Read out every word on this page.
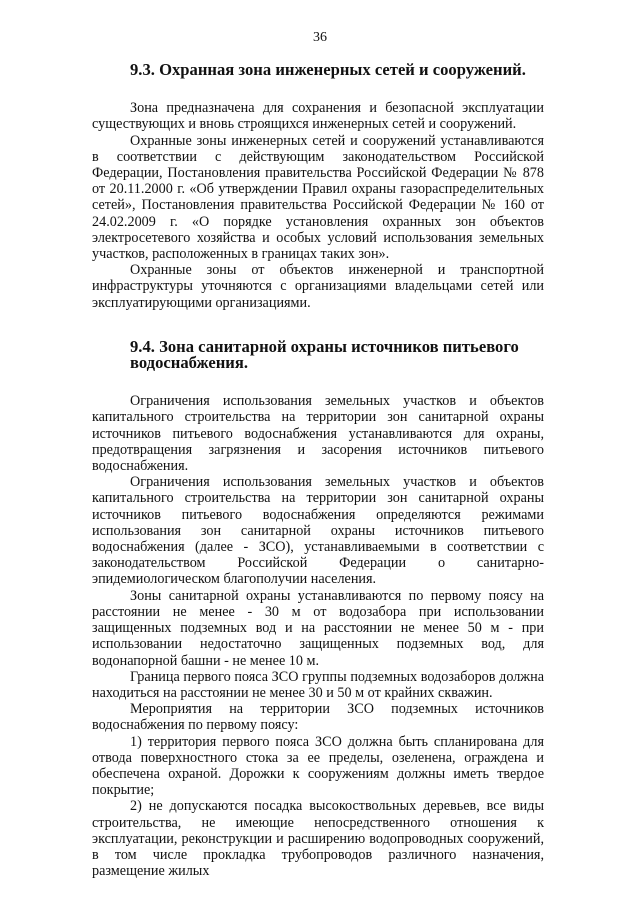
36
9.3. Охранная зона инженерных сетей и сооружений.

Зона предназначена для сохранения и безопасной эксплуатации существующих и вновь строящихся инженерных сетей и сооружений.

Охранные зоны инженерных сетей и сооружений устанавливаются в соответствии с действующим законодательством Российской Федерации, Постановления правительства Российской Федерации № 878 от 20.11.2000 г. «Об утверждении Правил охраны газораспределительных сетей», Постановления правительства Российской Федерации № 160 от 24.02.2009 г. «О порядке установления охранных зон объектов электросетевого хозяйства и особых условий использования земельных участков, расположенных в границах таких зон».

Охранные зоны от объектов инженерной и транспортной инфраструктуры уточняются с организациями владельцами сетей или эксплуатирующими организациями.

9.4. Зона санитарной охраны источников питьевого водоснабжения.

Ограничения использования земельных участков и объектов капитального строительства на территории зон санитарной охраны источников питьевого водоснабжения устанавливаются для охраны, предотвращения загрязнения и засорения источников питьевого водоснабжения.

Ограничения использования земельных участков и объектов капитального строительства на территории зон санитарной охраны источников питьевого водоснабжения определяются режимами использования зон санитарной охраны источников питьевого водоснабжения (далее - ЗСО), устанавливаемыми в соответствии с законодательством Российской Федерации о санитарно-эпидемиологическом благополучии населения.

Зоны санитарной охраны устанавливаются по первому поясу на расстоянии не менее - 30 м от водозабора при использовании защищенных подземных вод и на расстоянии не менее 50 м - при использовании недостаточно защищенных подземных вод, для водонапорной башни - не менее 10 м.

Граница первого пояса ЗСО группы подземных водозаборов должна находиться на расстоянии не менее 30 и 50 м от крайних скважин.

Мероприятия на территории ЗСО подземных источников водоснабжения по первому поясу:

1) территория первого пояса ЗСО должна быть спланирована для отвода поверхностного стока за ее пределы, озеленена, ограждена и обеспечена охраной. Дорожки к сооружениям должны иметь твердое покрытие;

2) не допускаются посадка высокоствольных деревьев, все виды строительства, не имеющие непосредственного отношения к эксплуатации, реконструкции и расширению водопроводных сооружений, в том числе прокладка трубопроводов различного назначения, размещение жилых
